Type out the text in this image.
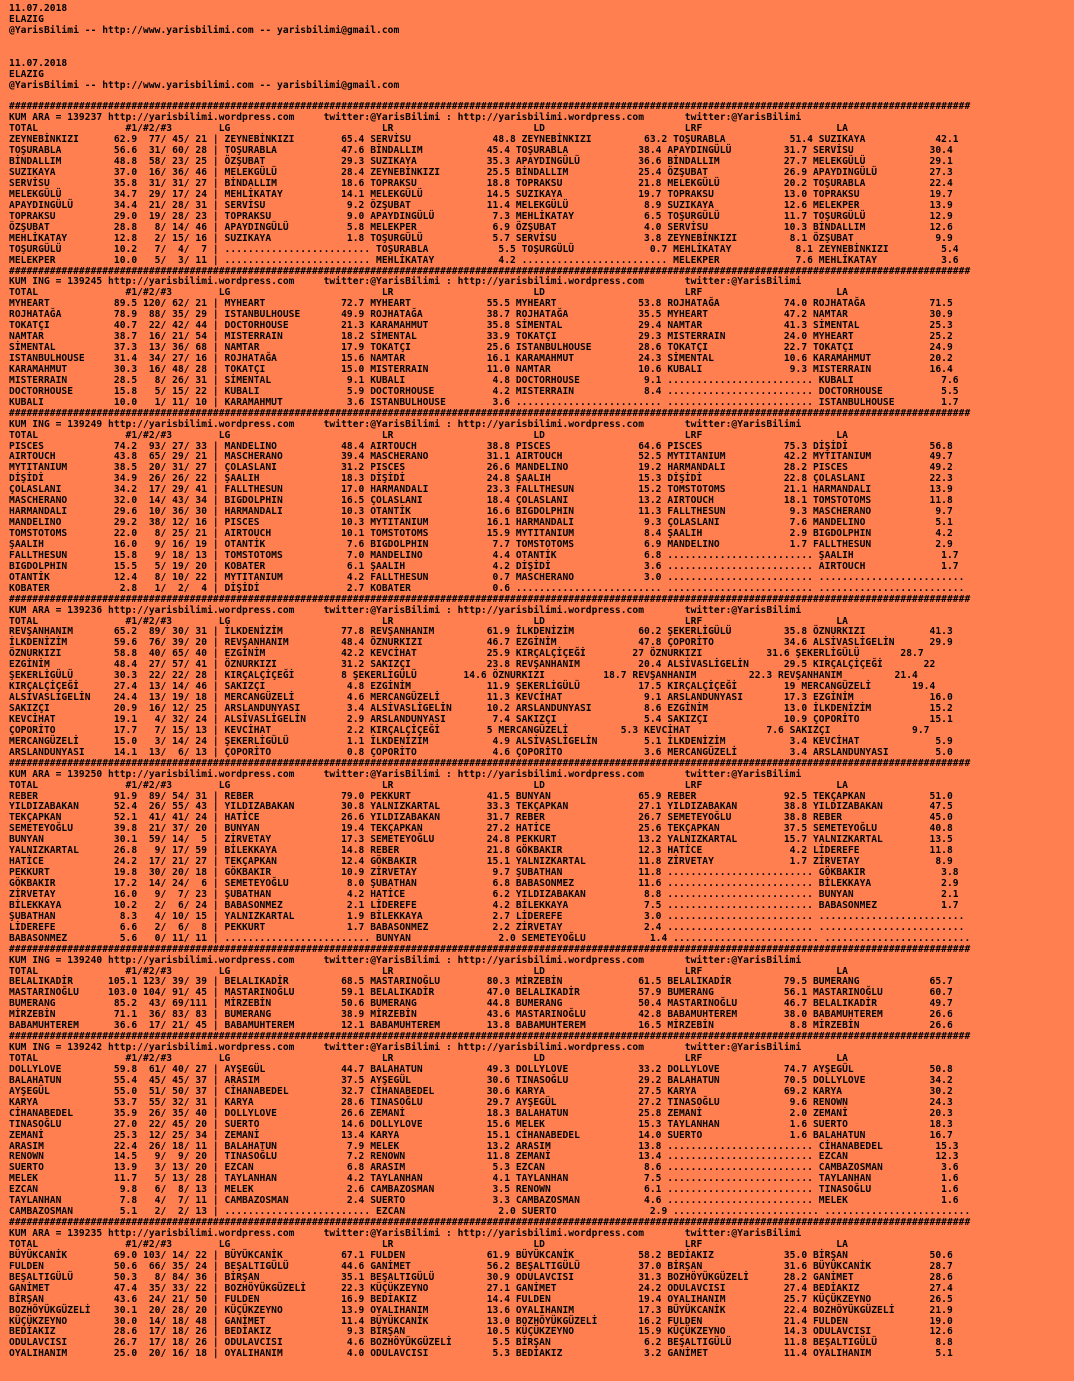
11.07.2018
ELAZIG
@YarisBilimi -- http://www.yarisbilimi.com -- yarisbilimi@gmail.com
11.07.2018
ELAZIG
@YarisBilimi -- http://www.yarisbilimi.com -- yarisbilimi@gmail.com
#####################################################################################################################################################################
KUM ARA = 139237 http://yarisbilimi.wordpress.com     twitter:@YarisBilimi : http://yarisbilimi.wordpress.com       twitter:@YarisBilimi
TOTAL               #1/#2/#3        LG                          LR                        LD                        LRF                       LA
ZEYNEBİNKIZI      62.9  77/ 45/ 21 | ZEYNEBİNKIZI        65.4 SERVİSU              48.8 ZEYNEBİNKIZI         63.2 TOŞURABLA           51.4 SUZIKAYA            42.1
TOŞURABLA         56.6  31/ 60/ 28 | TOŞURABLA           47.6 BİNDALLIM           45.4 TOŞURABLA            38.4 APAYDINGÜLÜ         31.7 SERVİSU             30.4
BİNDALLIM         48.8  58/ 23/ 25 | ÖZŞUBAT             29.3 SUZIKAYA            35.3 APAYDINGÜLÜ          36.6 BİNDALLIM           27.7 MELEKGÜLÜ           29.1
SUZIKAYA          37.0  16/ 36/ 46 | MELEKGÜLÜ           28.4 ZEYNEBİNKIZI        25.5 BİNDALLIM            25.4 ÖZŞUBAT             26.9 APAYDINGÜLÜ         27.3
SERVİSU           35.8  31/ 31/ 27 | BİNDALLIM           18.6 TOPRAKSU            18.8 TOPRAKSU             21.8 MELEKGÜLÜ           20.2 TOŞURABLA           22.4
MELEKGÜLÜ         34.7  29/ 17/ 24 | MEHLİKATAY          14.1 MELEKGÜLÜ           14.5 SUZIKAYA             19.7 TOPRAKSU            13.0 TOPRAKSU            19.7
APAYDINGÜLÜ       34.4  21/ 28/ 31 | SERVİSU              9.2 ÖZŞUBAT             11.4 MELEKGÜLÜ             8.9 SUZIKAYA            12.6 MELEKPER            13.9
TOPRAKSU          29.0  19/ 28/ 23 | TOPRAKSU             9.0 APAYDINGÜLÜ          7.3 MEHLİKATAY            6.5 TOŞURGÜLÜ           11.7 TOŞURGÜLÜ           12.9
ÖZŞUBAT           28.8   8/ 14/ 46 | APAYDINGÜLÜ          5.8 MELEKPER             6.9 ÖZŞUBAT               4.0 SERVİSU             10.3 BİNDALLIM           12.6
MEHLİKATAY        12.8   2/ 15/ 16 | SUZIKAYA             1.8 TOŞURGÜLÜ            5.7 SERVİSU               3.8 ZEYNEBİNKIZI         8.1 ÖZŞUBAT              9.9
TOŞURGÜLÜ         10.2   7/  4/  7 | ......................... TOŞURABLA            5.5 TOŞURGÜLÜ             0.7 MEHLİKATAY           8.1 ZEYNEBİNKIZI         5.4
MELEKPER          10.0   5/  3/ 11 | ......................... MEHLİKATAY           4.2 ......................... MELEKPER             7.6 MEHLİKATAY           3.6
#####################################################################################################################################################################
KUM ING = 139245 http://yarisbilimi.wordpress.com     twitter:@YarisBilimi : http://yarisbilimi.wordpress.com       twitter:@YarisBilimi
TOTAL               #1/#2/#3        LG                          LR                        LD                        LRF                       LA
MYHEART           89.5 120/ 62/ 21 | MYHEART             72.7 MYHEART             55.5 MYHEART              53.8 ROJHATAĞA           74.0 ROJHATAĞA           71.5
ROJHATAĞA         78.9  88/ 35/ 29 | ISTANBULHOUSE       49.9 ROJHATAĞA           38.7 ROJHATAĞA            35.5 MYHEART             47.2 NAMTAR              30.9
TOKATÇI           40.7  22/ 42/ 44 | DOCTORHOUSE         21.3 KARAMAHMUT          35.8 SİMENTAL             29.4 NAMTAR              41.3 SİMENTAL            25.3
NAMTAR            38.7  16/ 21/ 54 | MISTERRAIN          18.2 SİMENTAL            33.9 TOKATÇI              29.3 MISTERRAIN          24.0 MYHEART             25.2
SİMENTAL          37.3  13/ 36/ 68 | NAMTAR              17.9 TOKATÇI             25.6 ISTANBULHOUSE        28.6 TOKATÇI             22.7 TOKATÇI             24.9
ISTANBULHOUSE     31.4  34/ 27/ 16 | ROJHATAĞA           15.6 NAMTAR              16.1 KARAMAHMUT           24.3 SİMENTAL            10.6 KARAMAHMUT          20.2
KARAMAHMUT        30.3  16/ 48/ 28 | TOKATÇI             15.0 MISTERRAIN          11.0 NAMTAR               10.6 KUBALI               9.3 MISTERRAIN          16.4
MISTERRAIN        28.5   8/ 26/ 31 | SİMENTAL             9.1 KUBALI               4.8 DOCTORHOUSE           9.1 ......................... KUBALI               7.6
DOCTORHOUSE       15.8   5/ 15/ 22 | KUBALI               5.9 DOCTORHOUSE          4.2 MISTERRAIN            8.4 ......................... DOCTORHOUSE          5.5
KUBALI            10.0   1/ 11/ 10 | KARAMAHMUT           3.6 ISTANBULHOUSE        3.6 ......................... ......................... ISTANBULHOUSE        1.7
#####################################################################################################################################################################
KUM ING = 139249 http://yarisbilimi.wordpress.com     twitter:@YarisBilimi : http://yarisbilimi.wordpress.com       twitter:@YarisBilimi
TOTAL               #1/#2/#3        LG                          LR                        LD                        LRF                       LA
PISCES            74.2  93/ 27/ 33 | MANDELINO           48.4 AIRTOUCH            38.8 PISCES               64.6 PISCES              75.3 DİŞİDİ              56.8
AIRTOUCH          43.8  65/ 29/ 21 | MASCHERANO          39.4 MASCHERANO          31.1 AIRTOUCH             52.5 MYTITANIUM          42.2 MYTITANIUM          49.7
MYTITANIUM        38.5  20/ 31/ 27 | ÇOLASLANI           31.2 PISCES              26.6 MANDELINO            19.2 HARMANDALI          28.2 PISCES              49.2
DİŞİDİ            34.9  26/ 26/ 22 | ŞAALIH              18.3 DİŞİDİ              24.8 ŞAALIH               15.3 DİŞİDİ              22.8 ÇOLASLANI           22.3
ÇOLASLANI         34.2  17/ 29/ 41 | FALLTHESUN          17.0 HARMANDALI          23.3 FALLTHESUN           15.2 TOMSTOTOMS          21.1 HARMANDALI          13.9
MASCHERANO        32.0  14/ 43/ 34 | BIGDOLPHIN          16.5 ÇOLASLANI           18.4 ÇOLASLANI            13.2 AIRTOUCH            18.1 TOMSTOTOMS          11.8
HARMANDALI        29.6  10/ 36/ 30 | HARMANDALI          10.3 OTANTİK             16.6 BIGDOLPHIN           11.3 FALLTHESUN           9.3 MASCHERANO           9.7
MANDELINO         29.2  38/ 12/ 16 | PISCES              10.3 MYTITANIUM          16.1 HARMANDALI            9.3 ÇOLASLANI            7.6 MANDELINO            5.1
TOMSTOTOMS        22.0   8/ 25/ 21 | AIRTOUCH            10.1 TOMSTOTOMS          15.9 MYTITANIUM            8.4 ŞAALIH               2.9 BIGDOLPHIN           4.2
ŞAALIH            16.0   9/ 16/ 19 | OTANTİK              7.6 BIGDOLPHIN           7.7 TOMSTOTOMS            6.9 MANDELINO            1.7 FALLTHESUN           2.9
FALLTHESUN        15.8   9/ 18/ 13 | TOMSTOTOMS           7.0 MANDELINO            4.4 OTANTİK               6.8 ......................... ŞAALIH               1.7
BIGDOLPHIN        15.5   5/ 19/ 20 | KOBATER              6.1 ŞAALIH               4.2 DİŞİDİ                3.6 ......................... AIRTOUCH             1.7
OTANTİK           12.4   8/ 10/ 22 | MYTITANIUM           4.2 FALLTHESUN           0.7 MASCHERANO            3.0 ......................... .........................
KOBATER            2.8   1/  2/  4 | DİŞİDİ               2.7 KOBATER              0.6 ......................... ......................... .........................
#####################################################################################################################################################################
KUM ARA = 139236 http://yarisbilimi.wordpress.com     twitter:@YarisBilimi : http://yarisbilimi.wordpress.com       twitter:@YarisBilimi
TOTAL               #1/#2/#3        LG                          LR                        LD                        LRF                       LA
REVŞANHANIM       65.2  89/ 30/ 31 | İLKDENİZİM          77.8 REVŞANHANIM         61.9 İLKDENİZİM           60.2 ŞEKERLİGÜLÜ         35.8 ÖZNURKIZI           41.3
İLKDENİZİM        59.6  76/ 39/ 20 | REVŞANHANIM         48.4 ÖZNURKIZI           46.7 EZGİNİM              47.8 ÇOPORİTO            34.6 ALSİVASLİGELİN      29.9
ÖZNURKIZI         58.8  40/ 65/ 40 | EZGİNİM             42.2 KEVCİHAT            25.9 KIRÇALÇİÇEĞİ        27 ÖZNURKIZI           31.6 ŞEKERLİGÜLÜ       28.7
EZGİNİM           48.4  27/ 57/ 41 | ÖZNURKIZI           31.2 SAKIZÇI             23.8 REVŞANHANIM          20.4 ALSİVASLİGELİN      29.5 KIRÇALÇİÇEĞİ       22
ŞEKERLİGÜLÜ       30.3  22/ 22/ 28 | KIRÇALÇİÇEĞİ        8 ŞEKERLİGÜLÜ        14.6 ÖZNURKIZI          18.7 REVŞANHANIM         22.3 REVŞANHANIM         21.4
KIRÇALÇİÇEĞİ      27.4  13/ 14/ 46 | SAKIZÇI              4.8 EZGİNİM             11.9 ŞEKERLİGÜLÜ          17.5 KIRÇALÇİÇEĞİ        19 MERCANGÜZELİ       19.4
ALSİVASLİGELİN    24.4  13/ 19/ 18 | MERCANGÜZELİ         4.6 MERCANGÜZELİ        11.3 KEVCİHAT              9.1 ARSLANDUNYASI       17.3 EZGİNİM             16.0
SAKIZÇI           20.9  16/ 12/ 25 | ARSLANDUNYASI        3.4 ALSİVASLİGELİN      10.2 ARSLANDUNYASI         8.6 EZGİNİM             13.0 İLKDENİZİM          15.2
KEVCİHAT          19.1   4/ 32/ 24 | ALSİVASLİGELİN       2.9 ARSLANDUNYASI        7.4 SAKIZÇI               5.4 SAKIZÇI             10.9 ÇOPORİTO            15.1
ÇOPORİTO          17.7   7/ 15/ 13 | KEVCİHAT             2.2 KIRÇALÇİÇEĞİ        5 MERCANGÜZELİ         5.3 KEVCİHAT             7.6 SAKIZÇI              9.7
MERCANGÜZELİ      15.0   3/ 14/ 24 | ŞEKERLİGÜLÜ          1.1 İLKDENİZİM           4.9 ALSİVASLİGELİN        5.1 İLKDENİZİM           3.4 KEVCİHAT             5.9
ARSLANDUNYASI     14.1  13/  6/ 13 | ÇOPORİTO             0.8 ÇOPORİTO             4.6 ÇOPORİTO              3.6 MERCANGÜZELİ         3.4 ARSLANDUNYASI        5.0
#####################################################################################################################################################################
KUM ARA = 139250 http://yarisbilimi.wordpress.com     twitter:@YarisBilimi : http://yarisbilimi.wordpress.com       twitter:@YarisBilimi
TOTAL               #1/#2/#3        LG                          LR                        LD                        LRF                       LA
REBER             91.9  89/ 54/ 31 | REBER               79.0 PEKKURT             41.5 BUNYAN               65.9 REBER               92.5 TEKÇAPKAN           51.0
YILDIZABAKAN      52.4  26/ 55/ 43 | YILDIZABAKAN        30.8 YALNIZKARTAL        33.3 TEKÇAPKAN            27.1 YILDIZABAKAN        38.8 YILDIZABAKAN        47.5
TEKÇAPKAN         52.1  41/ 41/ 24 | HATİCE              26.6 YILDIZABAKAN        31.7 REBER                26.7 SEMETEYOĞLU         38.8 REBER               45.0
SEMETEYOĞLU       39.8  21/ 37/ 20 | BUNYAN              19.4 TEKÇAPKAN           27.2 HATİCE               25.6 TEKÇAPKAN           37.5 SEMETEYOĞLU         40.8
BUNYAN            30.1  59/ 14/  5 | ZİRVETAY            17.3 SEMETEYOĞLU         24.8 PEKKURT              13.2 YALNIZKARTAL        15.7 YALNIZKARTAL        13.5
YALNIZKARTAL      26.8   9/ 17/ 59 | BİLEKKAYA           14.8 REBER               21.8 GÖKBAKIR             12.3 HATİCE               4.2 LİDEREFE            11.8
HATİCE            24.2  17/ 21/ 27 | TEKÇAPKAN           12.4 GÖKBAKIR            15.1 YALNIZKARTAL         11.8 ZİRVETAY             1.7 ZİRVETAY             8.9
PEKKURT           19.8  30/ 20/ 18 | GÖKBAKIR            10.9 ZİRVETAY             9.7 ŞUBATHAN             11.8 ......................... GÖKBAKIR             3.8
GÖKBAKIR          17.2  14/ 24/  6 | SEMETEYOĞLU          8.0 ŞUBATHAN             6.8 BABASONMEZ           11.6 ......................... BİLEKKAYA            2.9
ZİRVETAY          16.0   9/  7/ 23 | ŞUBATHAN             4.2 HATİCE               6.2 YILDIZABAKAN          8.8 ......................... BUNYAN               2.1
BİLEKKAYA         10.2   2/  6/ 24 | BABASONMEZ           2.1 LİDEREFE             4.2 BİLEKKAYA             7.5 ......................... BABASONMEZ           1.7
ŞUBATHAN           8.3   4/ 10/ 15 | YALNIZKARTAL         1.9 BİLEKKAYA            2.7 LİDEREFE              3.0 ......................... .........................
LİDEREFE           6.6   2/  6/  8 | PEKKURT              1.7 BABASONMEZ           2.2 ZİRVETAY              2.4 ......................... .........................
BABASONMEZ         5.6   0/ 11/ 11 | ......................... BUNYAN               2.0 SEMETEYOĞLU           1.4 ......................... .........................
#####################################################################################################################################################################
KUM ING = 139240 http://yarisbilimi.wordpress.com     twitter:@YarisBilimi : http://yarisbilimi.wordpress.com       twitter:@YarisBilimi
TOTAL               #1/#2/#3        LG                          LR                        LD                        LRF                       LA
BELALIKADİR      105.1 123/ 39/ 39 | BELALIKADİR         68.5 MASTARINOĞLU        80.3 MİRZEBİN             61.5 BELALIKADİR         79.5 BUMERANG            65.7
MASTARINOĞLU     103.0 104/ 91/ 45 | MASTARINOĞLU        59.1 BELALIKADİR         47.0 BELALIKADİR          57.9 BUMERANG            56.1 MASTARINOĞLU        60.7
BUMERANG          85.2  43/ 69/111 | MİRZEBİN            50.6 BUMERANG            44.8 BUMERANG             50.4 MASTARINOĞLU        46.7 BELALIKADİR         49.7
MİRZEBİN          71.1  36/ 83/ 83 | BUMERANG            38.9 MİRZEBİN            43.6 MASTARINOĞLU         42.8 BABAMUHTEREM        38.0 BABAMUHTEREM        26.6
BABAMUHTEREM      36.6  17/ 21/ 45 | BABAMUHTEREM        12.1 BABAMUHTEREM        13.8 BABAMUHTEREM         16.5 MİRZEBİN             8.8 MİRZEBİN            26.6
#####################################################################################################################################################################
KUM ING = 139242 http://yarisbilimi.wordpress.com     twitter:@YarisBilimi : http://yarisbilimi.wordpress.com       twitter:@YarisBilimi
TOTAL               #1/#2/#3        LG                          LR                        LD                        LRF                       LA
DOLLYLOVE         59.8  61/ 40/ 27 | AYŞEGÜL             44.7 BALAHATUN           49.3 DOLLYLOVE            33.2 DOLLYLOVE           74.7 AYŞEGÜL             50.8
BALAHATUN         55.4  45/ 45/ 37 | ARASIM              37.5 AYŞEGÜL             30.6 TINASOĞLU            29.2 BALAHATUN           70.5 DOLLYLOVE           34.2
AYŞEGÜL           55.0  51/ 50/ 37 | CİHANABEDEL         32.7 CİHANABEDEL         30.6 KARYA                27.5 KARYA               69.2 KARYA               30.2
KARYA             53.7  55/ 32/ 31 | KARYA               28.6 TINASOĞLU           29.7 AYŞEGÜL              27.2 TINASOĞLU            9.6 RENOWN              24.3
CİHANABEDEL       35.9  26/ 35/ 40 | DOLLYLOVE           26.6 ZEMANİ              18.3 BALAHATUN            25.8 ZEMANİ               2.0 ZEMANİ              20.3
TINASOĞLU         27.0  22/ 45/ 20 | SUERTO              14.6 DOLLYLOVE           15.6 MELEK                15.3 TAYLANHAN            1.6 SUERTO              18.3
ZEMANİ            25.3  12/ 25/ 34 | ZEMANİ              13.4 KARYA               15.1 CİHANABEDEL          14.0 SUERTO               1.6 BALAHATUN           16.7
ARASIM            22.4  26/ 18/ 11 | BALAHATUN            7.9 MELEK               13.2 ARASIM               13.8 ......................... CİHANABEDEL         15.3
RENOWN            14.5   9/  9/ 20 | TINASOĞLU            7.2 RENOWN              11.8 ZEMANİ               13.4 ......................... EZCAN               12.3
SUERTO            13.9   3/ 13/ 20 | EZCAN                6.8 ARASIM               5.3 EZCAN                 8.6 ......................... CAMBAZOSMAN          3.6
MELEK             11.7   5/ 13/ 28 | TAYLANHAN            4.2 TAYLANHAN            4.1 TAYLANHAN             7.5 ......................... TAYLANHAN            1.6
EZCAN              9.8   6/  8/ 13 | MELEK                2.6 CAMBAZOSMAN          3.5 RENOWN                6.1 ......................... TINASOĞLU            1.6
TAYLANHAN          7.8   4/  7/ 11 | CAMBAZOSMAN          2.4 SUERTO               3.3 CAMBAZOSMAN           4.6 ......................... MELEK                1.6
CAMBAZOSMAN        5.1   2/  2/ 13 | ......................... EZCAN                2.0 SUERTO                2.9 ......................... .........................
#####################################################################################################################################################################
KUM ARA = 139235 http://yarisbilimi.wordpress.com     twitter:@YarisBilimi : http://yarisbilimi.wordpress.com       twitter:@YarisBilimi
TOTAL               #1/#2/#3        LG                          LR                        LD                        LRF                       LA
BÜYÜKCANİK        69.0 103/ 14/ 22 | BÜYÜKCANİK          67.1 FULDEN              61.9 BÜYÜKCANİK           58.2 BEDİAKIZ            35.0 BİRŞAN              50.6
FULDEN            50.6  66/ 35/ 24 | BEŞALTIGÜLÜ         44.6 GANİMET             56.2 BEŞALTIGÜLÜ          37.0 BİRŞAN              31.6 BÜYÜKCANİK          28.7
BEŞALTIGÜLÜ       50.3   8/ 84/ 36 | BİRŞAN              35.1 BEŞALTIGÜLÜ         30.9 ODULAVCISI           31.3 BOZHÖYÜKGÜZELİ      28.2 GANİMET             28.6
GANİMET           47.4  35/ 33/ 22 | BOZHÖYÜKGÜZELİ      22.3 KÜÇÜKZEYNO          27.1 GANİMET              24.2 ODULAVCISI          27.4 BEDİAKIZ            27.4
BİRŞAN            43.6  24/ 21/ 50 | FULDEN              16.9 BEDİAKIZ            14.4 FULDEN               19.4 OYALIHANIM          25.7 KÜÇÜKZEYNO          26.5
BOZHÖYÜKGÜZELİ    30.1  20/ 28/ 20 | KÜÇÜKZEYNO          13.9 OYALIHANIM          13.6 OYALIHANIM           17.3 BÜYÜKCANİK          22.4 BOZHÖYÜKGÜZELİ      21.9
KÜÇÜKZEYNO        30.0  14/ 18/ 48 | GANİMET             11.4 BÜYÜKCANİK          13.0 BOZHÖYÜKGÜZELİ       16.2 FULDEN              21.4 FULDEN              19.0
BEDİAKIZ          28.6  17/ 18/ 26 | BEDİAKIZ             9.3 BİRŞAN              10.5 KÜÇÜKZEYNO           15.9 KÜÇÜKZEYNO          14.3 ODULAVCISI          12.6
ODULAVCISI        26.7  17/ 18/ 26 | ODULAVCISI           4.6 BOZHÖYÜKGÜZELİ       5.5 BİRŞAN                6.2 BEŞALTIGÜLÜ         11.8 BEŞALTIGÜLÜ          8.8
OYALIHANIM        25.0  20/ 16/ 18 | OYALIHANIM           4.0 ODULAVCISI           5.3 BEDİAKIZ              3.2 GANİMET             11.4 OYALIHANIM           5.1
